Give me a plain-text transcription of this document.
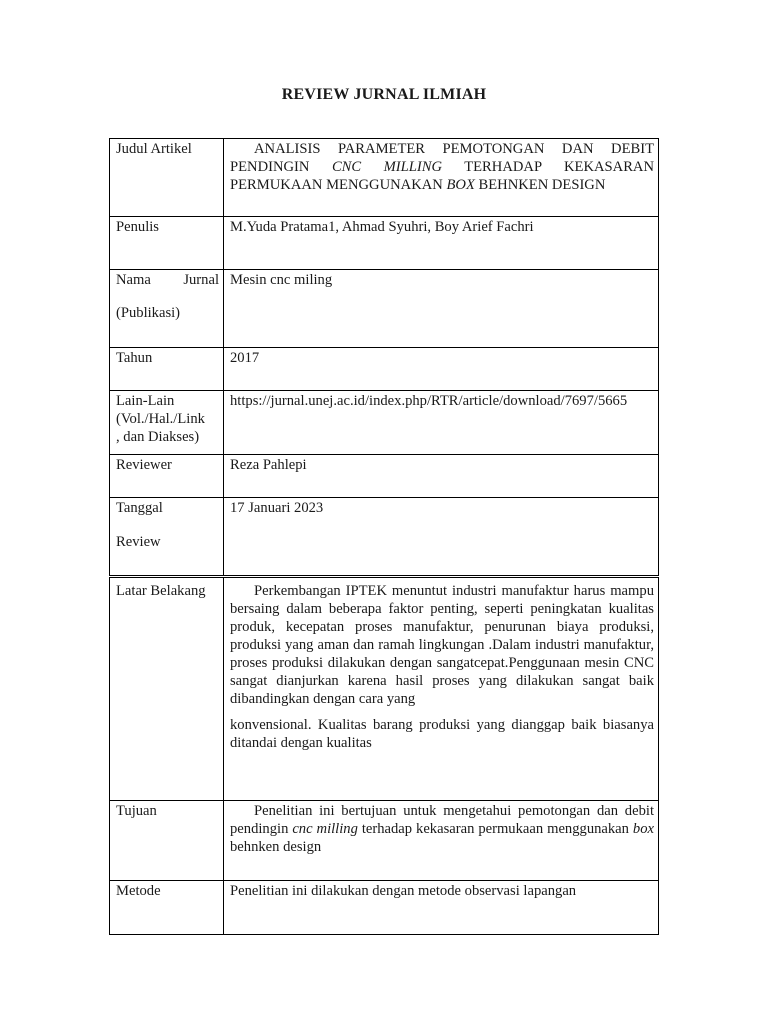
REVIEW JURNAL ILMIAH
Judul Artikel	ANALISIS PARAMETER PEMOTONGAN DAN DEBIT
PENDINGIN CNC MILLING TERHADAP KEKASARAN
PERMUKAAN MENGGUNAKAN BOX BEHNKEN DESIGN

Penulis	M.Yuda Pratama1, Ahmad Syuhri, Boy Arief Fachri

Nama Jurnal
(Publikasi)	Mesin cnc miling
Tahun	2017

Lain-Lain
(Vol./Hal./Link
, dan Diakses)	https://jurnal.unej.ac.id/index.php/RTR/article/download/7697/5665
Reviewer	Reza Pahlepi

Tanggal
Review	17 Januari 2023
Latar Belakang	Perkembangan IPTEK menuntut industri manufaktur harus mampu bersaing dalam beberapa faktor penting, seperti peningkatan kualitas produk, kecepatan proses manufaktur, penurunan biaya produksi, produksi yang aman dan ramah lingkungan .Dalam industri manufaktur, proses produksi dilakukan dengan sangatcepat.Penggunaan mesin CNC sangat dianjurkan karena hasil proses yang dilakukan sangat baik dibandingkan dengan cara yang

konvensional. Kualitas barang produksi yang dianggap baik biasanya ditandai dengan kualitas

Tujuan	Penelitian ini bertujuan untuk mengetahui pemotongan dan debit pendingin cnc milling terhadap kekasaran permukaan menggunakan box behnken design

Metode	Penelitian ini dilakukan dengan metode observasi lapangan
